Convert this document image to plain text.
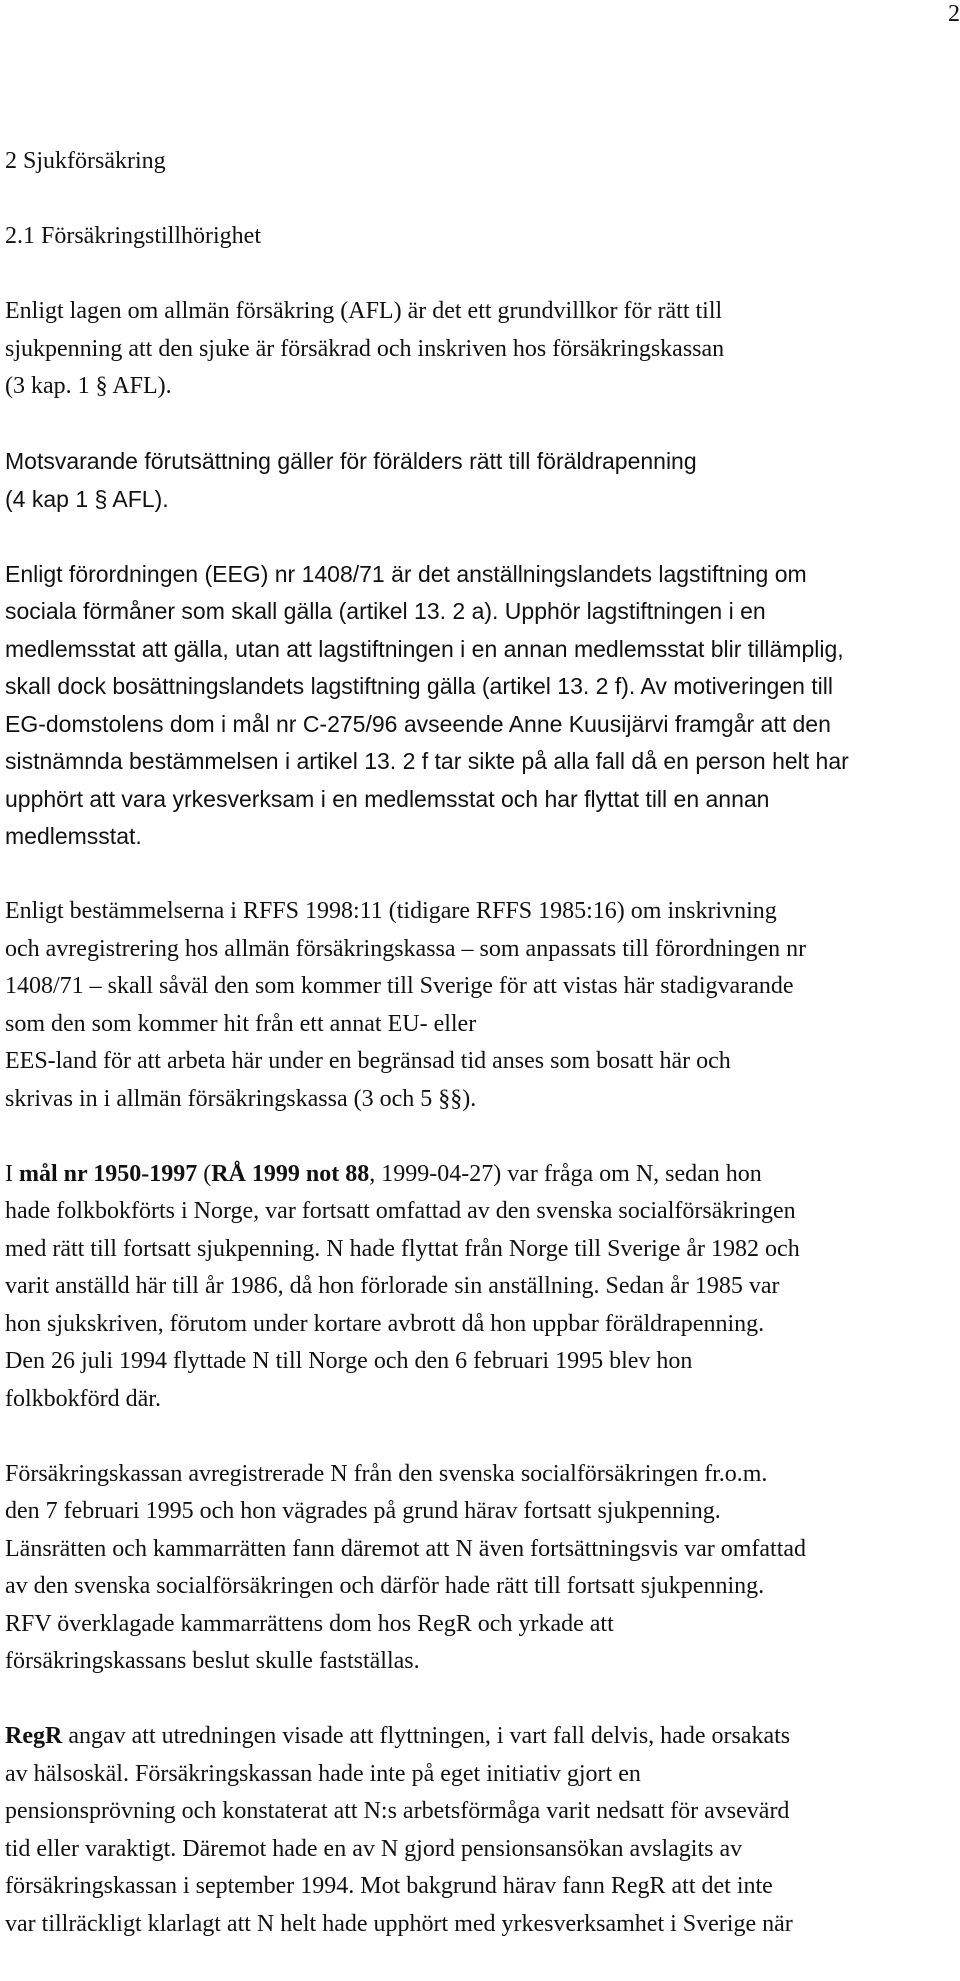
2
2 Sjukförsäkring
2.1 Försäkringstillhörighet

Enligt lagen om allmän försäkring (AFL) är det ett grundvillkor för rätt till
sjukpenning att den sjuke är försäkrad och inskriven hos försäkringskassan
(3 kap. 1 § AFL).

Motsvarande förutsättning gäller för förälders rätt till föräldrapenning
(4 kap 1 § AFL).

Enligt förordningen (EEG) nr 1408/71 är det anställningslandets lagstiftning om
sociala förmåner som skall gälla (artikel 13. 2 a). Upphör lagstiftningen i en
medlemsstat att gälla, utan att lagstiftningen i en annan medlemsstat blir tillämplig,
skall dock bosättningslandets lagstiftning gälla (artikel 13. 2 f). Av motiveringen till
EG-domstolens dom i mål nr C-275/96 avseende Anne Kuusijärvi framgår att den
sistnämnda bestämmelsen i artikel 13. 2 f tar sikte på alla fall då en person helt har
upphört att vara yrkesverksam i en medlemsstat och har flyttat till en annan
medlemsstat.

Enligt bestämmelserna i RFFS 1998:11 (tidigare RFFS 1985:16) om inskrivning
och avregistrering hos allmän försäkringskassa – som anpassats till förordningen nr
1408/71 – skall såväl den som kommer till Sverige för att vistas här stadigvarande
som den som kommer hit från ett annat EU- eller
EES-land för att arbeta här under en begränsad tid anses som bosatt här och
skrivas in i allmän försäkringskassa (3 och 5 §§).

I mål nr 1950-1997 (RÅ 1999 not 88, 1999-04-27) var fråga om N, sedan hon
hade folkbokförts i Norge, var fortsatt omfattad av den svenska socialförsäkringen
med rätt till fortsatt sjukpenning. N hade flyttat från Norge till Sverige år 1982 och
varit anställd här till år 1986, då hon förlorade sin anställning. Sedan år 1985 var
hon sjukskriven, förutom under kortare avbrott då hon uppbar föräldrapenning.
Den 26 juli 1994 flyttade N till Norge och den 6 februari 1995 blev hon
folkbokförd där.

Försäkringskassan avregistrerade N från den svenska socialförsäkringen fr.o.m.
den 7 februari 1995 och hon vägrades på grund härav fortsatt sjukpenning.
Länsrätten och kammarrätten fann däremot att N även fortsättningsvis var omfattad
av den svenska socialförsäkringen och därför hade rätt till fortsatt sjukpenning.
RFV överklagade kammarrättens dom hos RegR och yrkade att
försäkringskassans beslut skulle fastställas.

RegR angav att utredningen visade att flyttningen, i vart fall delvis, hade orsakats
av hälsoskäl. Försäkringskassan hade inte på eget initiativ gjort en
pensionsprövning och konstaterat att N:s arbetsförmåga varit nedsatt för avsevärd
tid eller varaktigt. Däremot hade en av N gjord pensionsansökan avslagits av
försäkringskassan i september 1994. Mot bakgrund härav fann RegR att det inte
var tillräckligt klarlagt att N helt hade upphört med yrkesverksamhet i Sverige när
